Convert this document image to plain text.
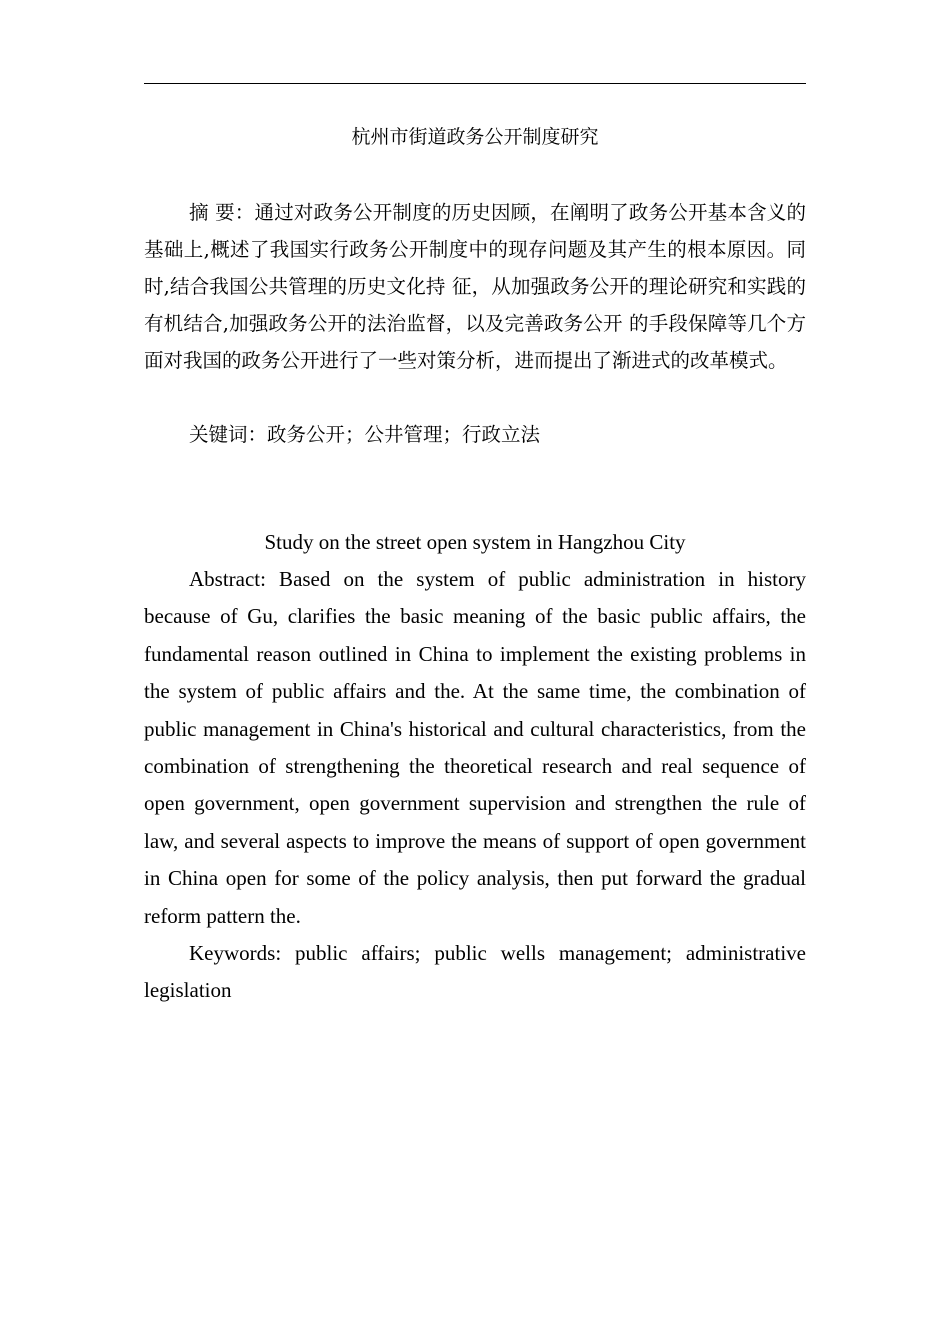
杭州市街道政务公开制度研究

摘 要：通过对政务公开制度的历史因顾，在阐明了政务公开基本含义的基础上,概述了我国实行政务公开制度中的现存问题及其产生的根本原因。同时,结合我国公共管理的历史文化持 征，从加强政务公开的理论研究和实践的有机结合,加强政务公开的法治监督，以及完善政务公开 的手段保障等几个方面对我国的政务公开进行了一些对策分析，进而提出了渐进式的改革模式。

关键词：政务公开；公井管理；行政立法

Study on the street open system in Hangzhou City

Abstract: Based on the system of public administration in history because of Gu, clarifies the basic meaning of the basic public affairs, the fundamental reason outlined in China to implement the existing problems in the system of public affairs and the. At the same time, the combination of public management in China's historical and cultural characteristics, from the combination of strengthening the theoretical research and real sequence of open government, open government supervision and strengthen the rule of law, and several aspects to improve the means of support of open government in China open for some of the policy analysis, then put forward the gradual reform pattern the.

Keywords: public affairs; public wells management; administrative legislation
